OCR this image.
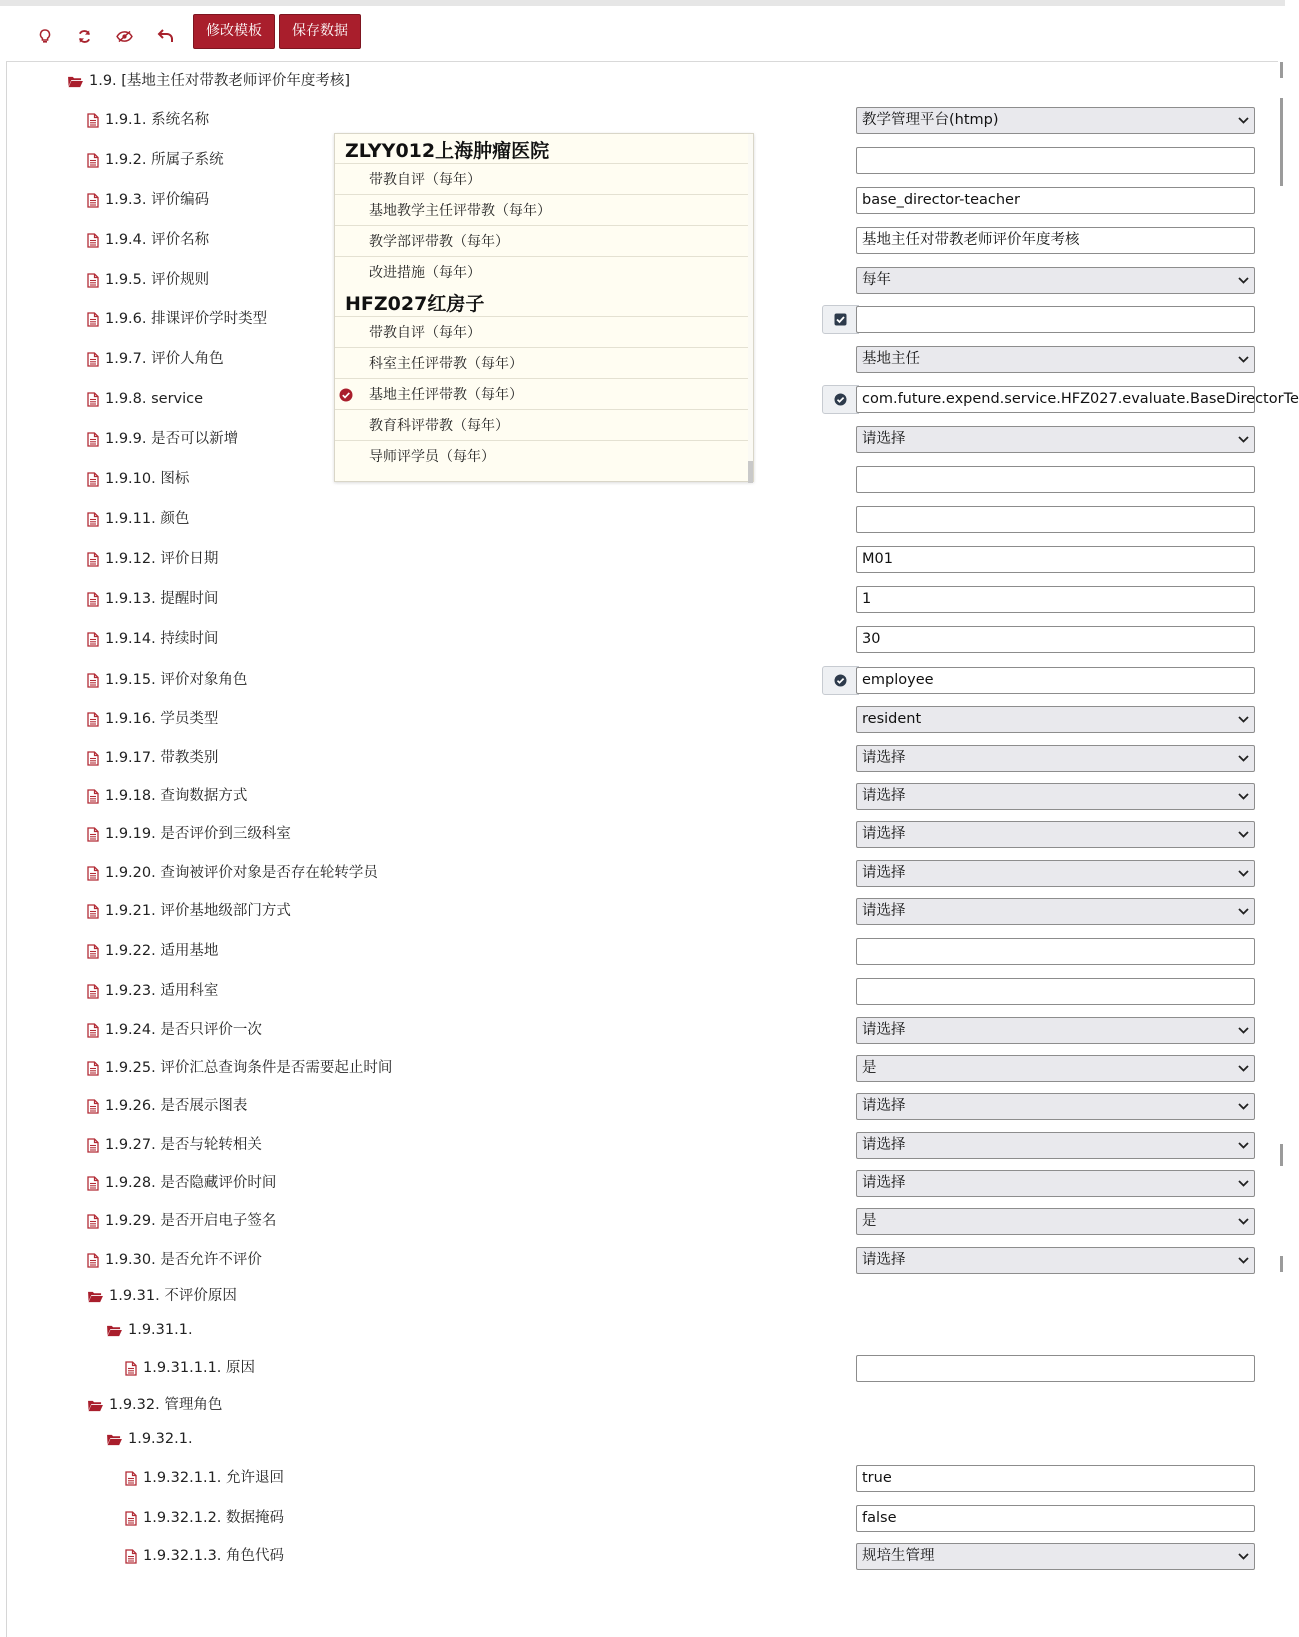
修改模板	保存数据
1.9. [基地主任对带教老师评价年度考核]
1.9.1. 系统名称	教学管理平台(htmp)
1.9.2. 所属子系统
1.9.3. 评价编码	base_director-teacher
1.9.4. 评价名称	基地主任对带教老师评价年度考核
1.9.5. 评价规则	每年
1.9.6. 排课评价学时类型
1.9.7. 评价人角色	基地主任
1.9.8. service	com.future.expend.service.HFZ027.evaluate.BaseDirectorTe
1.9.9. 是否可以新增	请选择
1.9.10. 图标
1.9.11. 颜色
1.9.12. 评价日期	M01
1.9.13. 提醒时间	1
1.9.14. 持续时间	30
1.9.15. 评价对象角色	employee
1.9.16. 学员类型	resident
1.9.17. 带教类别	请选择
1.9.18. 查询数据方式	请选择
1.9.19. 是否评价到三级科室	请选择
1.9.20. 查询被评价对象是否存在轮转学员	请选择
1.9.21. 评价基地级部门方式	请选择
1.9.22. 适用基地
1.9.23. 适用科室
1.9.24. 是否只评价一次	请选择
1.9.25. 评价汇总查询条件是否需要起止时间	是
1.9.26. 是否展示图表	请选择
1.9.27. 是否与轮转相关	请选择
1.9.28. 是否隐藏评价时间	请选择
1.9.29. 是否开启电子签名	是
1.9.30. 是否允许不评价	请选择
1.9.31. 不评价原因
1.9.31.1.
1.9.31.1.1. 原因
1.9.32. 管理角色
1.9.32.1.
1.9.32.1.1. 允许退回	true
1.9.32.1.2. 数据掩码	false
1.9.32.1.3. 角色代码	规培生管理
ZLYY012上海肿瘤医院
带教自评（每年）
基地教学主任评带教（每年）
教学部评带教（每年）
改进措施（每年）
HFZ027红房子
带教自评（每年）
科室主任评带教（每年）
基地主任评带教（每年）
教育科评带教（每年）
导师评学员（每年）
